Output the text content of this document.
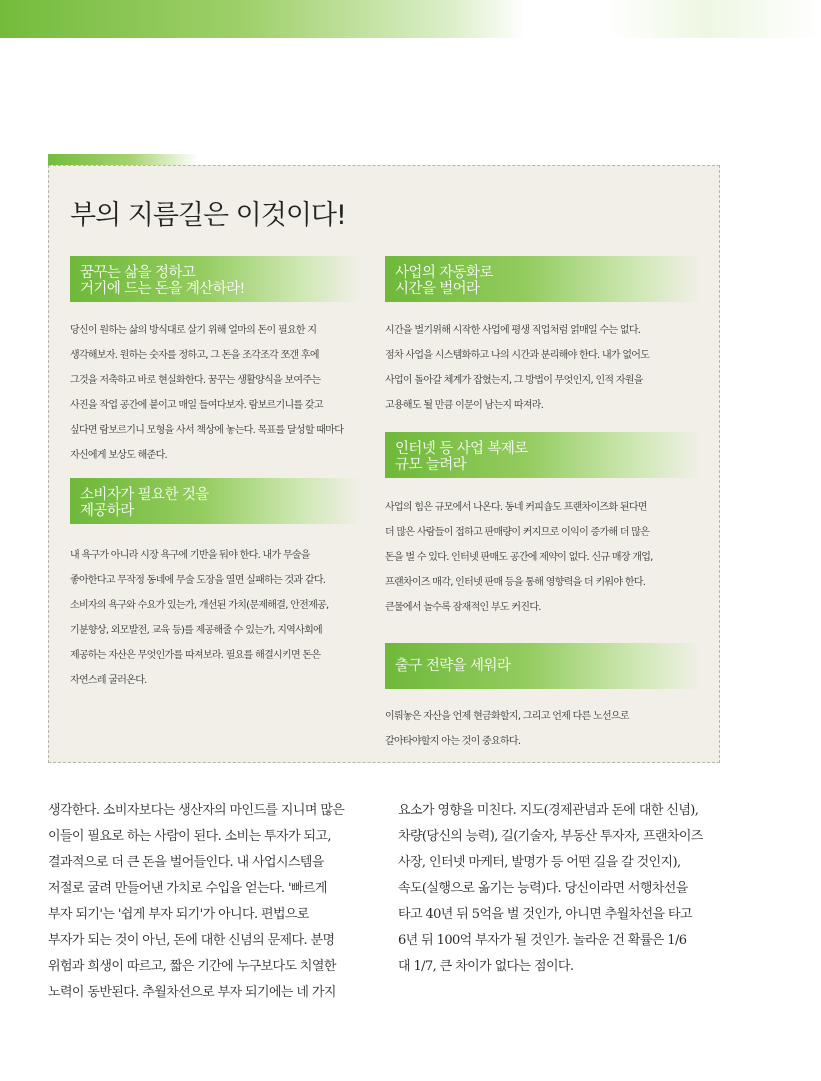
부의 지름길은 이것이다!
꿈꾸는 삶을 정하고
거기에 드는 돈을 계산하라!

당신이 원하는 삶의 방식대로 살기 위해 얼마의 돈이 필요한 지
생각해보자. 원하는 숫자를 정하고, 그 돈을 조각조각 쪼갠 후에
그것을 저축하고 바로 현실화한다. 꿈꾸는 생활양식을 보여주는
사진을 작업 공간에 붙이고 매일 들여다보자. 람보르기니를 갖고
싶다면 람보르기니 모형을 사서 책상에 놓는다. 목표를 달성할 때마다
자신에게 보상도 해준다.

소비자가 필요한 것을
제공하라

내 욕구가 아니라 시장 욕구에 기반을 둬야 한다. 내가 무술을
좋아한다고 무작정 동네에 무술 도장을 열면 실패하는 것과 같다.
소비자의 욕구와 수요가 있는가, 개선된 가치(문제해결, 안전제공,
기분향상, 외모발전, 교육 등)를 제공해줄 수 있는가, 지역사회에
제공하는 자산은 무엇인가를 따져보라. 필요를 해결시키면 돈은
자연스레 굴러온다.

사업의 자동화로
시간을 벌어라

시간을 벌기위해 시작한 사업에 평생 직업처럼 얽매일 수는 없다.
점차 사업을 시스템화하고 나의 시간과 분리해야 한다. 내가 없어도
사업이 돌아갈 체계가 잡혔는지, 그 방법이 무엇인지, 인적 자원을
고용해도 될 만큼 이문이 남는지 따져라.

인터넷 등 사업 복제로
규모 늘려라

사업의 힘은 규모에서 나온다. 동네 커피숍도 프랜차이즈화 된다면
더 많은 사람들이 접하고 판매량이 커지므로 이익이 증가해 더 많은
돈을 벌 수 있다. 인터넷 판매도 공간에 제약이 없다. 신규 매장 개업,
프랜차이즈 매각, 인터넷 판매 등을 통해 영향력을 더 키워야 한다.
큰물에서 놀수록 잠재적인 부도 커진다.

출구 전략을 세워라

이뤄놓은 자산을 언제 현금화할지, 그리고 언제 다른 노선으로
갈아타야할지 아는 것이 중요하다.

생각한다. 소비자보다는 생산자의 마인드를 지니며 많은
이들이 필요로 하는 사람이 된다. 소비는 투자가 되고,
결과적으로 더 큰 돈을 벌어들인다. 내 사업시스템을
저절로 굴려 만들어낸 가치로 수입을 얻는다. '빠르게
부자 되기'는 '쉽게 부자 되기'가 아니다. 편법으로
부자가 되는 것이 아닌, 돈에 대한 신념의 문제다. 분명
위험과 희생이 따르고, 짧은 기간에 누구보다도 치열한
노력이 동반된다. 추월차선으로 부자 되기에는 네 가지

요소가 영향을 미친다. 지도(경제관념과 돈에 대한 신념),
차량(당신의 능력), 길(기술자, 부동산 투자자, 프랜차이즈
사장, 인터넷 마케터, 발명가 등 어떤 길을 갈 것인지),
속도(실행으로 옮기는 능력)다. 당신이라면 서행차선을
타고 40년 뒤 5억을 벌 것인가, 아니면 추월차선을 타고
6년 뒤 100억 부자가 될 것인가. 놀라운 건 확률은 1/6
대 1/7, 큰 차이가 없다는 점이다.
